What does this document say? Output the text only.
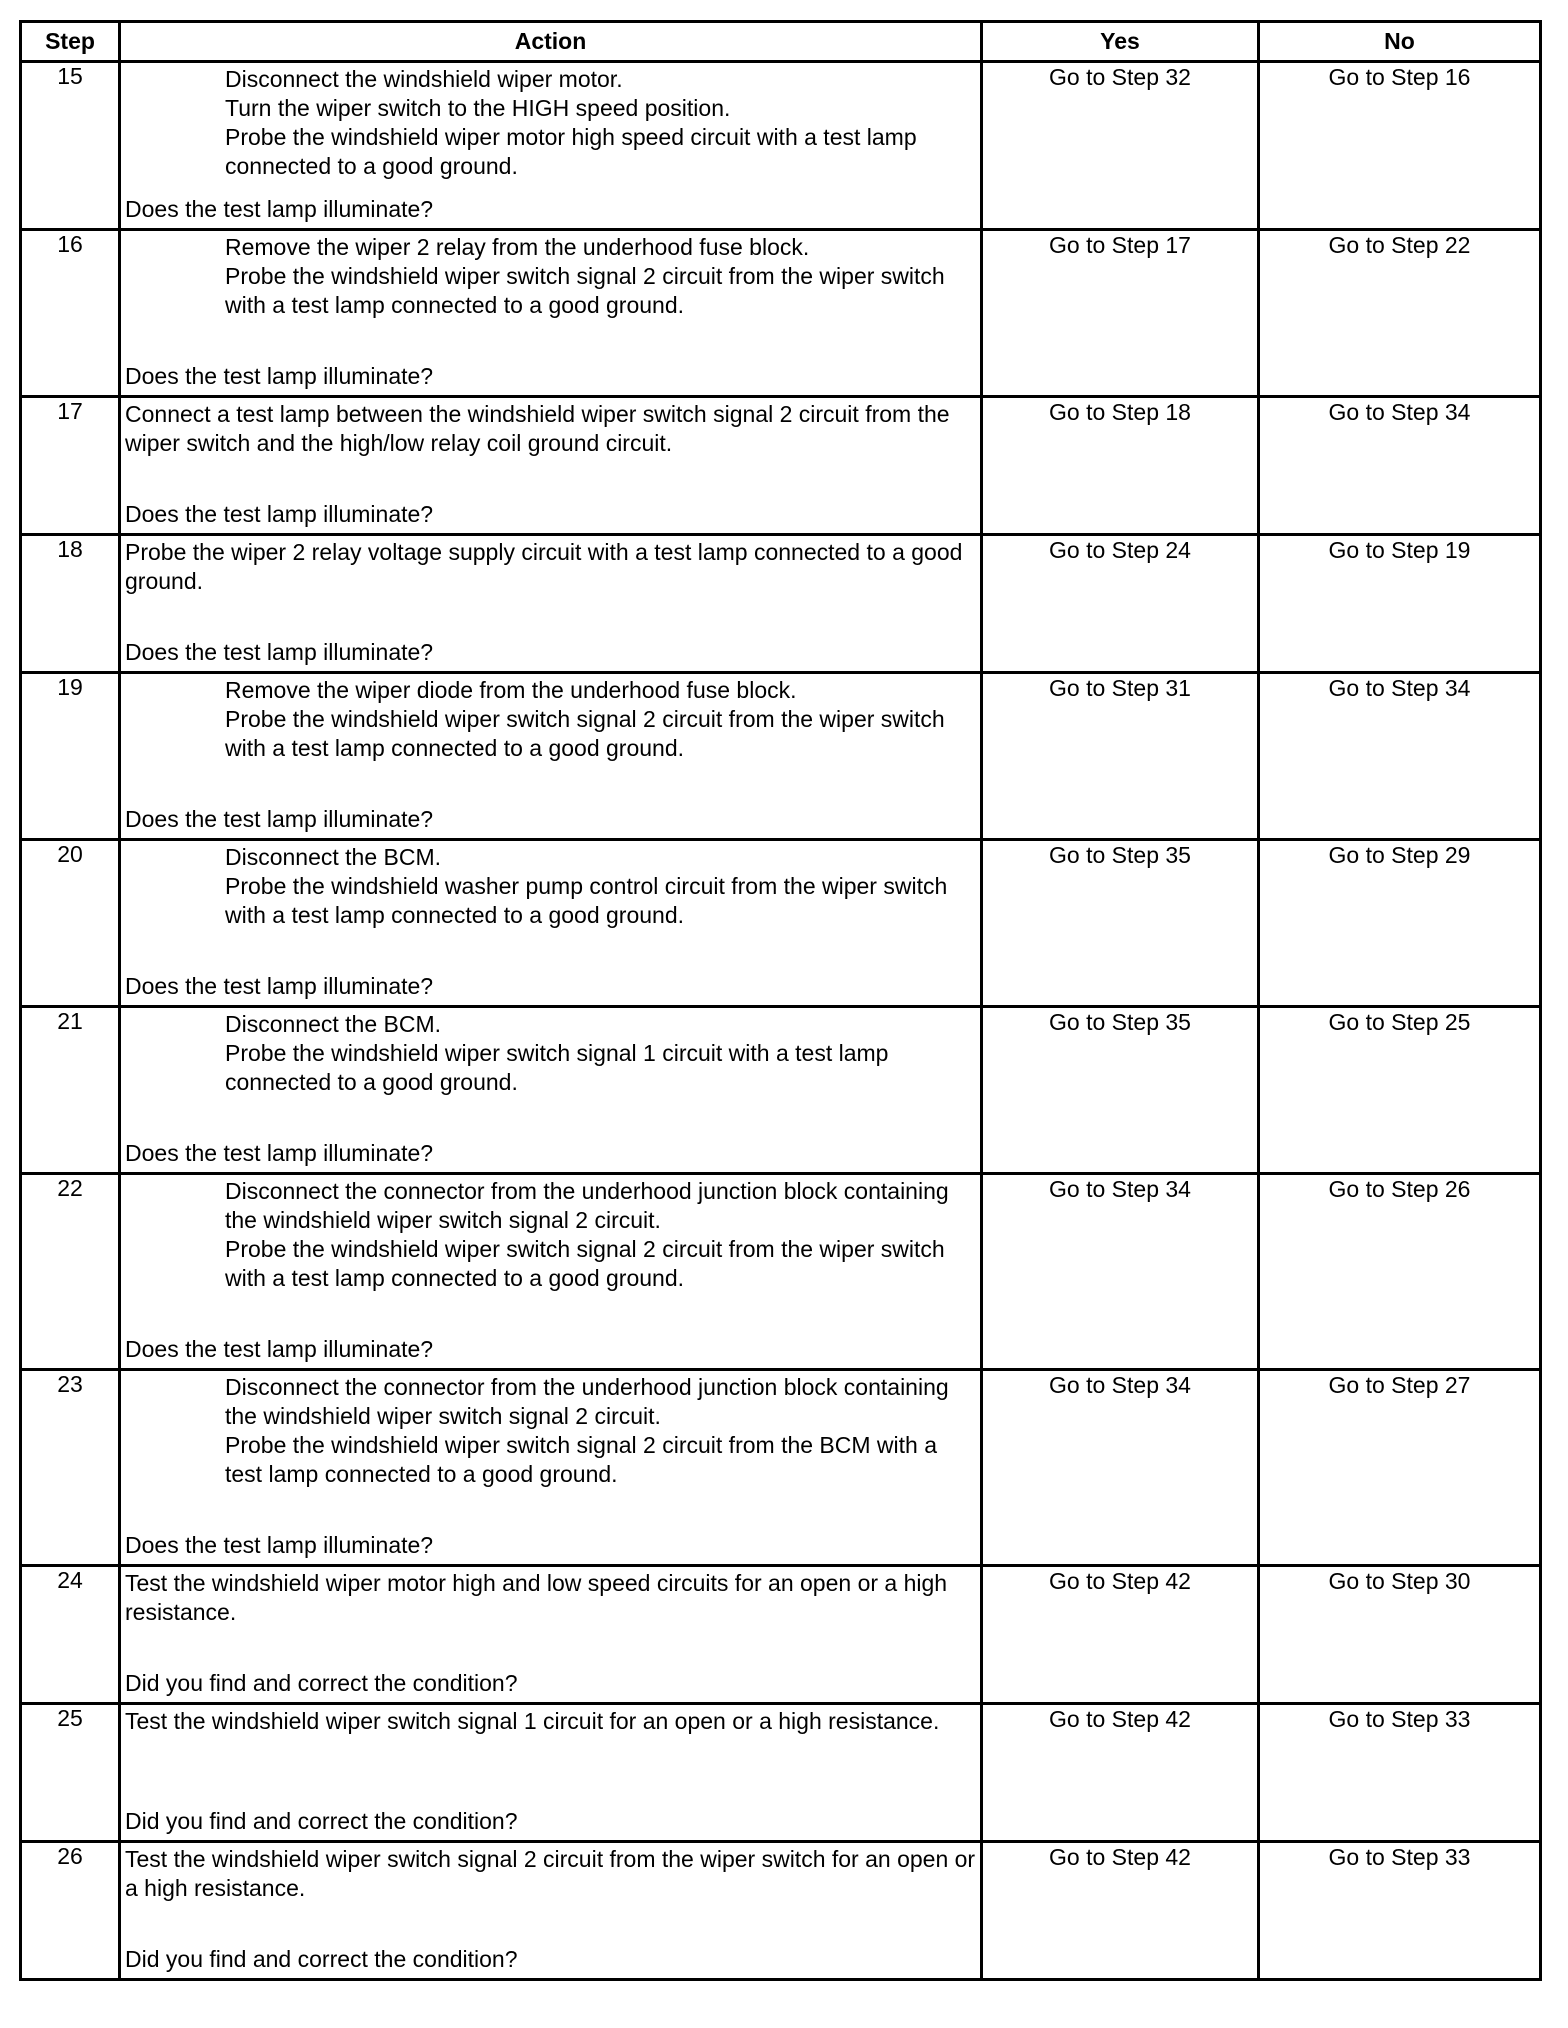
Step	Action	Yes	No
15	Disconnect the windshield wiper motor.

Turn the wiper switch to the HIGH speed position.

Probe the windshield wiper motor high speed circuit with a test lamp connected to a good ground.

Does the test lamp illuminate?	Go to Step 32	Go to Step 16
16	Remove the wiper 2 relay from the underhood fuse block.

Probe the windshield wiper switch signal 2 circuit from the wiper switch with a test lamp connected to a good ground.

Does the test lamp illuminate?	Go to Step 17	Go to Step 22
17	Connect a test lamp between the windshield wiper switch signal 2 circuit from the wiper switch and the high/low relay coil ground circuit.

Does the test lamp illuminate?	Go to Step 18	Go to Step 34
18	Probe the wiper 2 relay voltage supply circuit with a test lamp connected to a good ground.

Does the test lamp illuminate?	Go to Step 24	Go to Step 19
19	Remove the wiper diode from the underhood fuse block.

Probe the windshield wiper switch signal 2 circuit from the wiper switch with a test lamp connected to a good ground.

Does the test lamp illuminate?	Go to Step 31	Go to Step 34
20	Disconnect the BCM.

Probe the windshield washer pump control circuit from the wiper switch with a test lamp connected to a good ground.

Does the test lamp illuminate?	Go to Step 35	Go to Step 29
21	Disconnect the BCM.

Probe the windshield wiper switch signal 1 circuit with a test lamp connected to a good ground.

Does the test lamp illuminate?	Go to Step 35	Go to Step 25
22	Disconnect the connector from the underhood junction block containing the windshield wiper switch signal 2 circuit.

Probe the windshield wiper switch signal 2 circuit from the wiper switch with a test lamp connected to a good ground.

Does the test lamp illuminate?	Go to Step 34	Go to Step 26
23	Disconnect the connector from the underhood junction block containing the windshield wiper switch signal 2 circuit.

Probe the windshield wiper switch signal 2 circuit from the BCM with a test lamp connected to a good ground.

Does the test lamp illuminate?	Go to Step 34	Go to Step 27
24	Test the windshield wiper motor high and low speed circuits for an open or a high resistance.

Did you find and correct the condition?	Go to Step 42	Go to Step 30
25	Test the windshield wiper switch signal 1 circuit for an open or a high resistance.

Did you find and correct the condition?	Go to Step 42	Go to Step 33
26	Test the windshield wiper switch signal 2 circuit from the wiper switch for an open or a high resistance.

Did you find and correct the condition?	Go to Step 42	Go to Step 33
